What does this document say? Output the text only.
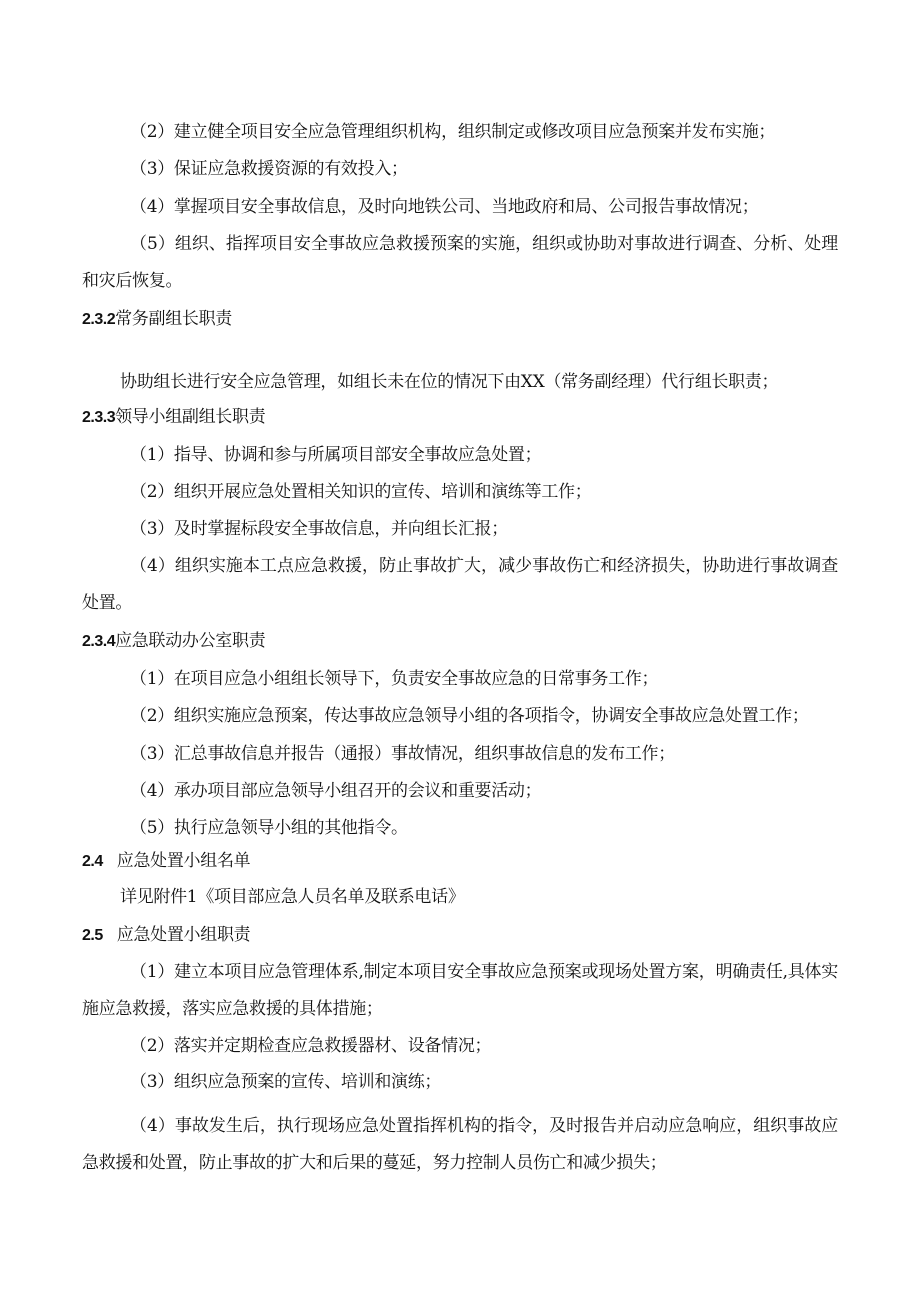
（2）建立健全项目安全应急管理组织机构，组织制定或修改项目应急预案并发布实施；
（3）保证应急救援资源的有效投入；
（4）掌握项目安全事故信息，及时向地铁公司、当地政府和局、公司报告事故情况；
（5）组织、指挥项目安全事故应急救援预案的实施，组织或协助对事故进行调查、分析、处理和灾后恢复。
2.3.2常务副组长职责
协助组长进行安全应急管理，如组长未在位的情况下由XX（常务副经理）代行组长职责；
2.3.3领导小组副组长职责
（1）指导、协调和参与所属项目部安全事故应急处置；
（2）组织开展应急处置相关知识的宣传、培训和演练等工作；
（3）及时掌握标段安全事故信息，并向组长汇报；
（4）组织实施本工点应急救援，防止事故扩大，减少事故伤亡和经济损失，协助进行事故调查处置。
2.3.4应急联动办公室职责
（1）在项目应急小组组长领导下，负责安全事故应急的日常事务工作；
（2）组织实施应急预案，传达事故应急领导小组的各项指令，协调安全事故应急处置工作；
（3）汇总事故信息并报告（通报）事故情况，组织事故信息的发布工作；
（4）承办项目部应急领导小组召开的会议和重要活动；
（5）执行应急领导小组的其他指令。
2.4 应急处置小组名单
详见附件1《项目部应急人员名单及联系电话》
2.5 应急处置小组职责
（1）建立本项目应急管理体系,制定本项目安全事故应急预案或现场处置方案，明确责任,具体实施应急救援，落实应急救援的具体措施；
（2）落实并定期检查应急救援器材、设备情况；
（3）组织应急预案的宣传、培训和演练；
（4）事故发生后，执行现场应急处置指挥机构的指令，及时报告并启动应急响应，组织事故应急救援和处置，防止事故的扩大和后果的蔓延，努力控制人员伤亡和减少损失；
